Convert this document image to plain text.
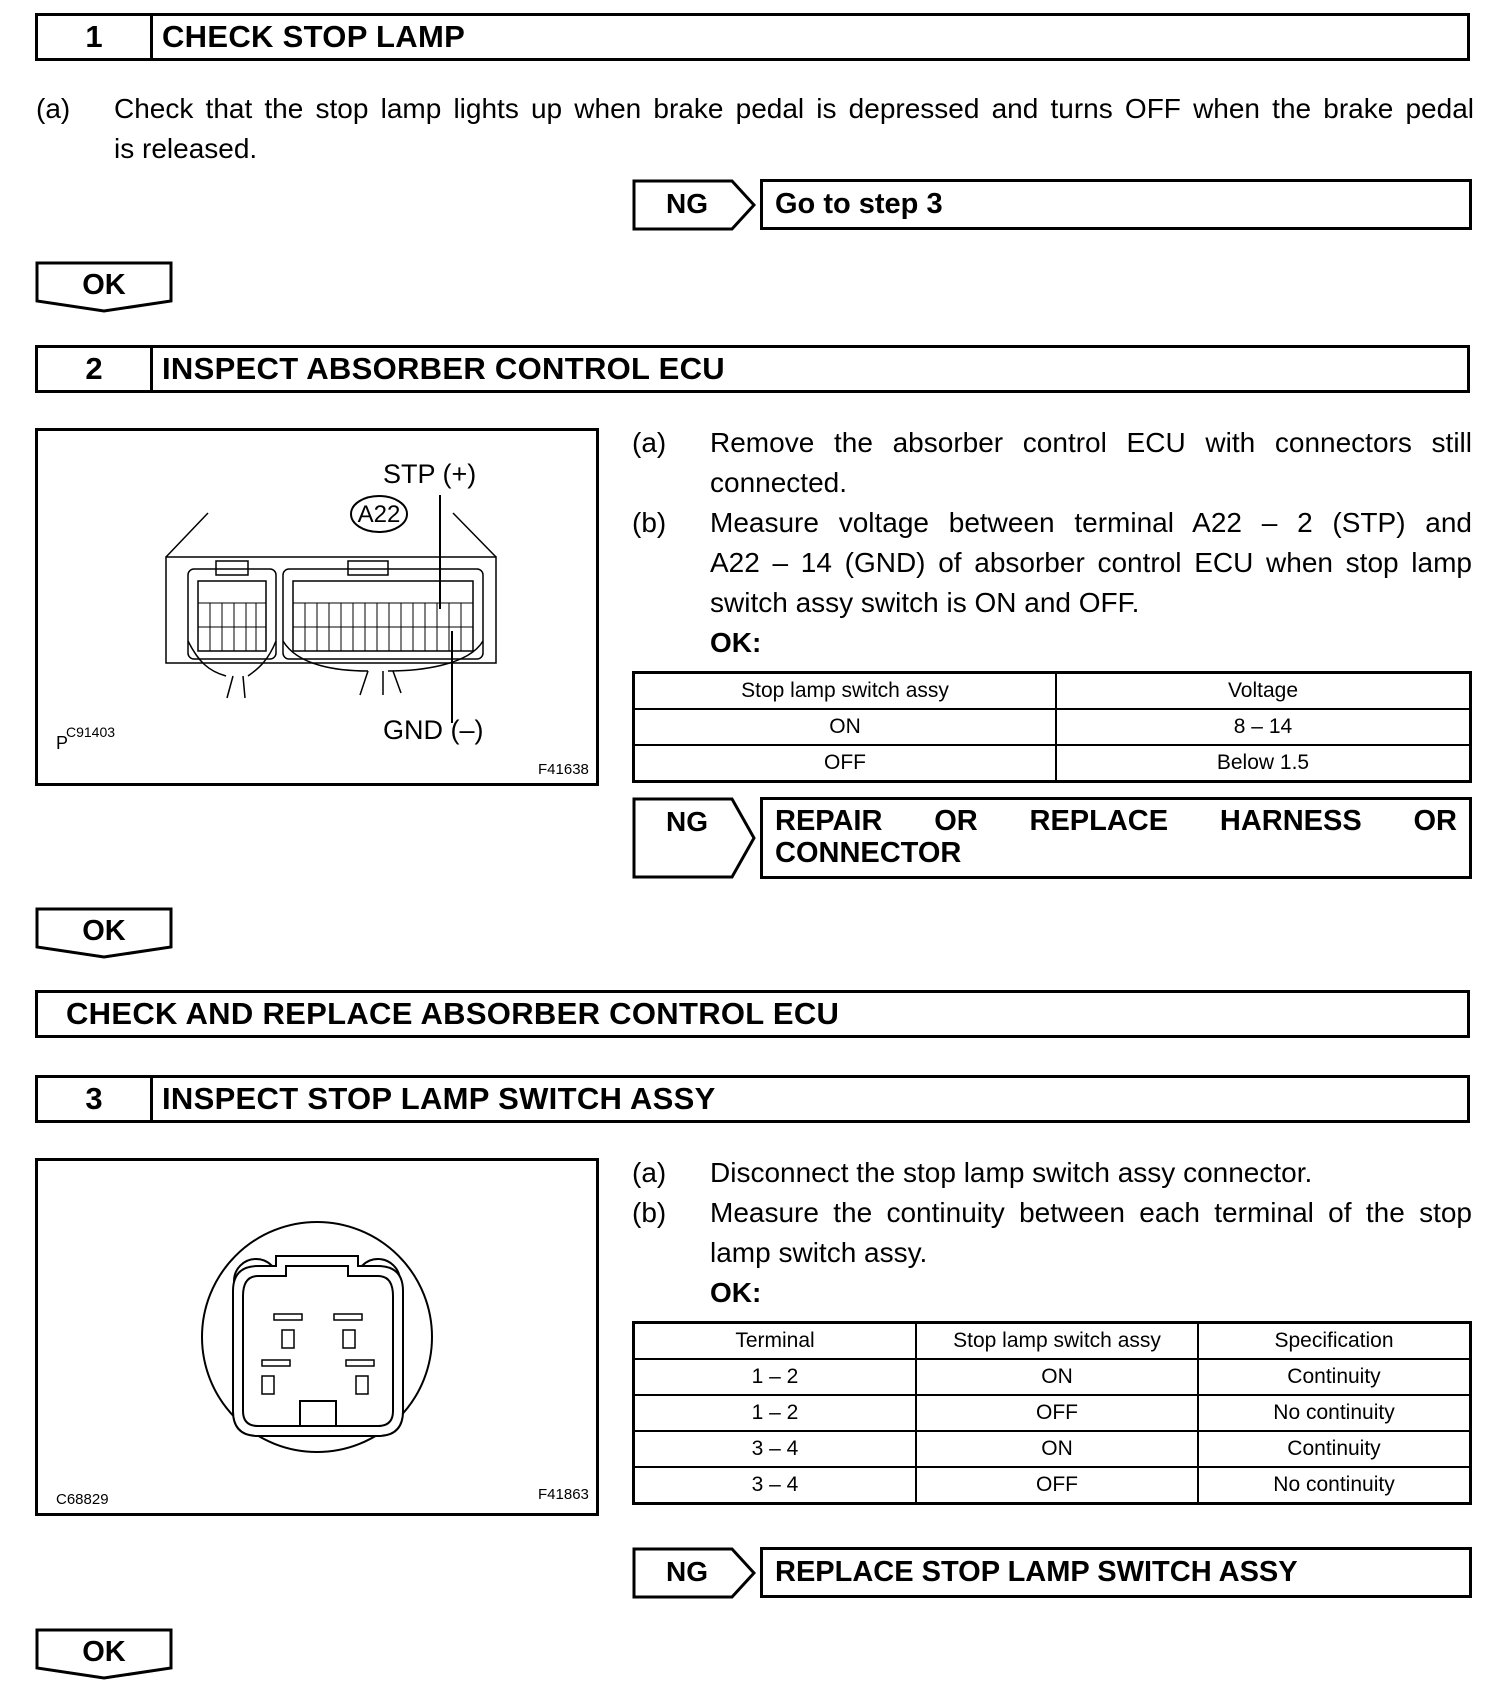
1	CHECK STOP LAMP
(a) Check that the stop lamp lights up when brake pedal is depressed and turns OFF when the brake pedal
is released.
NG	Go to step 3
OK
2	INSPECT ABSORBER CONTROL ECU
STP (+)
A22
GND (–)
P
C91403
F41638
(a) Remove the absorber control ECU with connectors still
connected.
(b) Measure voltage between terminal A22 – 2 (STP) and
A22 – 14 (GND) of absorber control ECU when stop lamp
switch assy switch is ON and OFF.
OK:
Stop lamp switch assy	Voltage
ON	8 – 14
OFF	Below 1.5
NG REPAIR OR REPLACE HARNESS OR
CONNECTOR
OK
CHECK AND REPLACE ABSORBER CONTROL ECU
3	INSPECT STOP LAMP SWITCH ASSY
C68829	F41863
(a) Disconnect the stop lamp switch assy connector.
(b) Measure the continuity between each terminal of the stop
lamp switch assy.
OK:
Terminal	Stop lamp switch assy	Specification
1 – 2	ON	Continuity
1 – 2	OFF	No continuity
3 – 4	ON	Continuity
3 – 4	OFF	No continuity
NG	REPLACE STOP LAMP SWITCH ASSY
OK
